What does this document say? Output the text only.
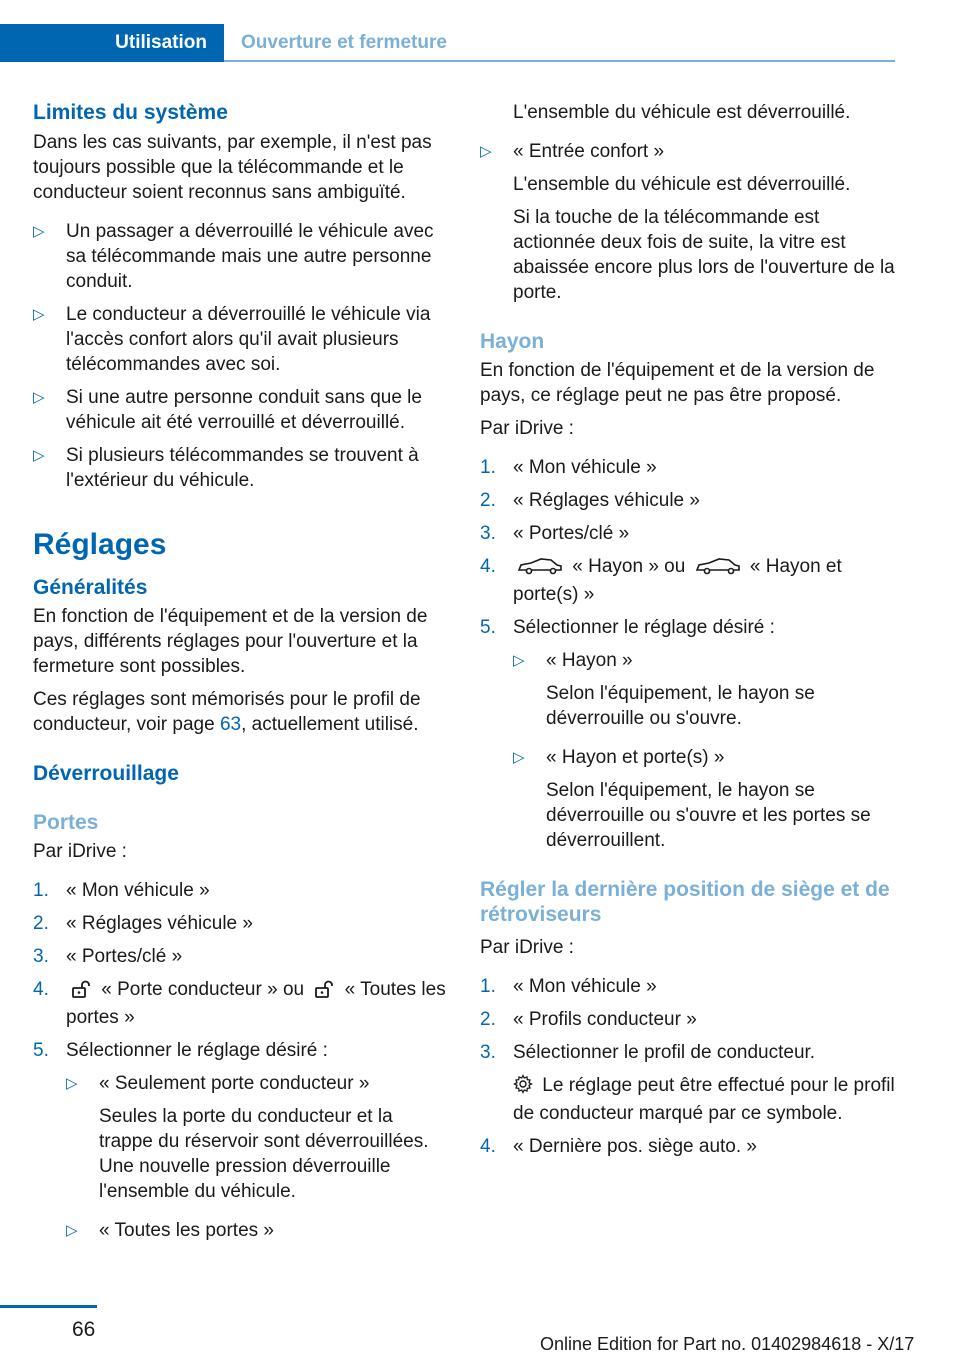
Utilisation	Ouverture et fermeture
Limites du système

Dans les cas suivants, par exemple, il n'est pas toujours possible que la télécommande et le conducteur soient reconnus sans ambiguïté.

▷ Un passager a déverrouillé le véhicule avec sa télécommande mais une autre personne conduit.
▷ Le conducteur a déverrouillé le véhicule via l'accès confort alors qu'il avait plusieurs télécommandes avec soi.
▷ Si une autre personne conduit sans que le véhicule ait été verrouillé et déverrouillé.
▷ Si plusieurs télécommandes se trouvent à l'extérieur du véhicule.
Réglages
Généralités

En fonction de l'équipement et de la version de pays, différents réglages pour l'ouverture et la fermeture sont possibles.

Ces réglages sont mémorisés pour le profil de conducteur, voir page 63, actuellement utilisé.

Déverrouillage
Portes

Par iDrive :

1. « Mon véhicule »
2. « Réglages véhicule »
3. « Portes/clé »
4.	« Porte conducteur » ou « Toutes les portes »
5. Sélectionner le réglage désiré :
▷ « Seulement porte conducteur »

Seules la porte du conducteur et la trappe du réservoir sont déverrouillées. Une nouvelle pression déverrouille l'ensemble du véhicule.

▷ « Toutes les portes »

L'ensemble du véhicule est déverrouillé.

▷ « Entrée confort »

L'ensemble du véhicule est déverrouillé.

Si la touche de la télécommande est actionnée deux fois de suite, la vitre est abaissée encore plus lors de l'ouverture de la porte.

Hayon

En fonction de l'équipement et de la version de pays, ce réglage peut ne pas être proposé.

Par iDrive :

1. « Mon véhicule »
2. « Réglages véhicule »
3. « Portes/clé »
4.	« Hayon » ou	« Hayon et porte(s) »
5. Sélectionner le réglage désiré :
▷ « Hayon »

Selon l'équipement, le hayon se déverrouille ou s'ouvre.

▷ « Hayon et porte(s) »

Selon l'équipement, le hayon se déverrouille ou s'ouvre et les portes se déverrouillent.

Régler la dernière position de siège et de rétroviseurs

Par iDrive :

1. « Mon véhicule »
2. « Profils conducteur »
3. Sélectionner le profil de conducteur.

Le réglage peut être effectué pour le profil de conducteur marqué par ce symbole.

4. « Dernière pos. siège auto. »
66
Online Edition for Part no. 01402984618 - X/17
